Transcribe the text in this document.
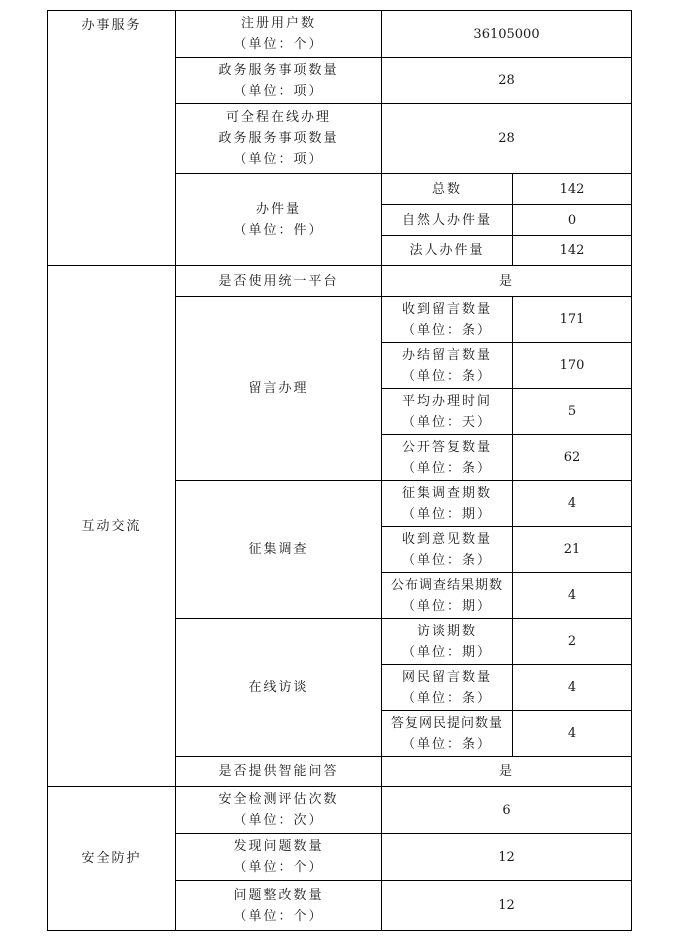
办事服务	注册用户数
（单位：个）	36105000	

	政务服务事项数量
（单位：项）	28	

	可全程在线办理
政务服务事项数量
（单位：项）	28	

	办件量
（单位：件）	总数	142
		自然人办件量	0
		法人办件量	142
互动交流	是否使用统一平台	是	
	留言办理	收到留言数量
（单位：条）	171

		办结留言数量
（单位：条）	170

		平均办理时间
（单位：天）	5

		公开答复数量
（单位：条）	62
	征集调查	征集调查期数
（单位：期）	4

		收到意见数量
（单位：条）	21

		公布调查结果期数
（单位：期）	4
	在线访谈	访谈期数
（单位：期）	2

		网民留言数量
（单位：条）	4

		答复网民提问数量
（单位：条）	4
	是否提供智能问答	是	
安全防护	安全检测评估次数
（单位：次）	6	

	发现问题数量
（单位：个）	12	

	问题整改数量
（单位：个）	12	
